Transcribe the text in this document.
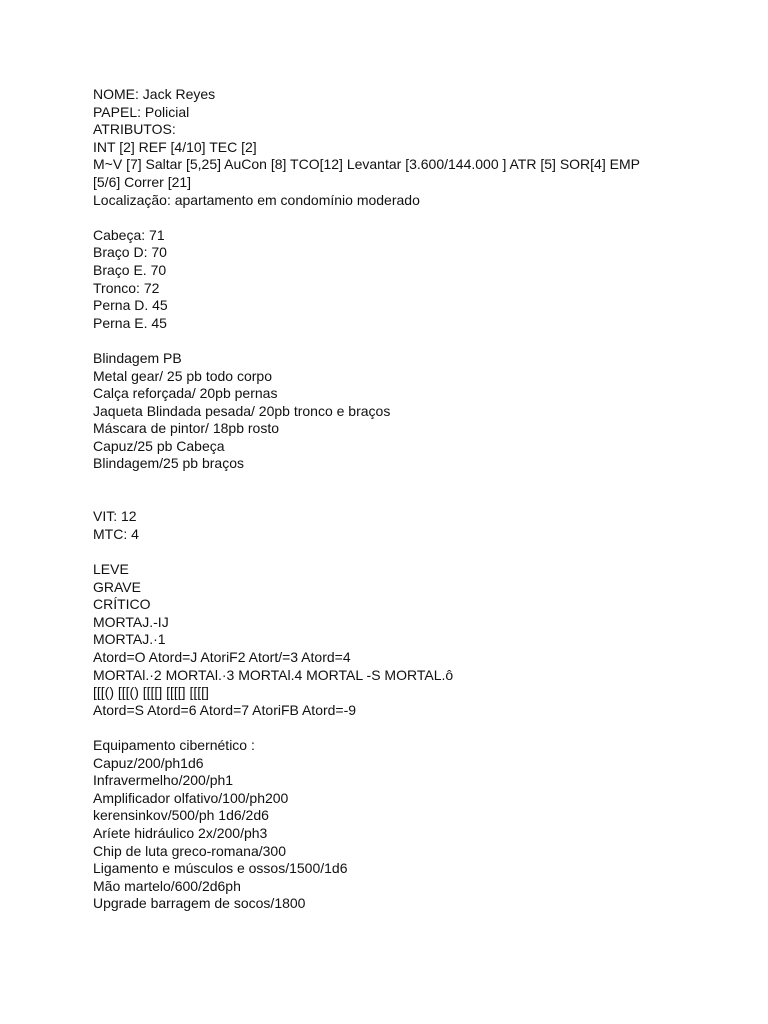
NOME: Jack Reyes
PAPEL: Policial
ATRIBUTOS:
INT [2] REF [4/10] TEC [2]
M~V [7] Saltar [5,25] AuCon [8] TCO[12] Levantar [3.600/144.000 ] ATR [5] SOR[4] EMP
[5/6] Correr [21]
Localização: apartamento em condomínio moderado
Cabeça: 71
Braço D: 70
Braço E. 70
Tronco: 72
Perna D. 45
Perna E. 45
Blindagem PB
Metal gear/ 25 pb todo corpo
Calça reforçada/ 20pb pernas
Jaqueta Blindada pesada/ 20pb tronco e braços
Máscara de pintor/ 18pb rosto
Capuz/25 pb Cabeça
Blindagem/25 pb braços
VIT: 12
MTC: 4
LEVE
GRAVE
CRÍTICO
MORTAJ.-IJ
MORTAJ.·1
Atord=O Atord=J AtoriF2 Atort/=3 Atord=4
MORTAl.·2 MORTAl.·3 MORTAl.4 MORTAL -S MORTAL.ô
[[[() [[[() [[[[] [[[[] [[[[]
Atord=S Atord=6 Atord=7 AtoriFB Atord=-9
Equipamento cibernético :
Capuz/200/ph1d6
Infravermelho/200/ph1
Amplificador olfativo/100/ph200
kerensinkov/500/ph 1d6/2d6
Aríete hidráulico 2x/200/ph3
Chip de luta greco-romana/300
Ligamento e músculos e ossos/1500/1d6
Mão martelo/600/2d6ph
Upgrade barragem de socos/1800
